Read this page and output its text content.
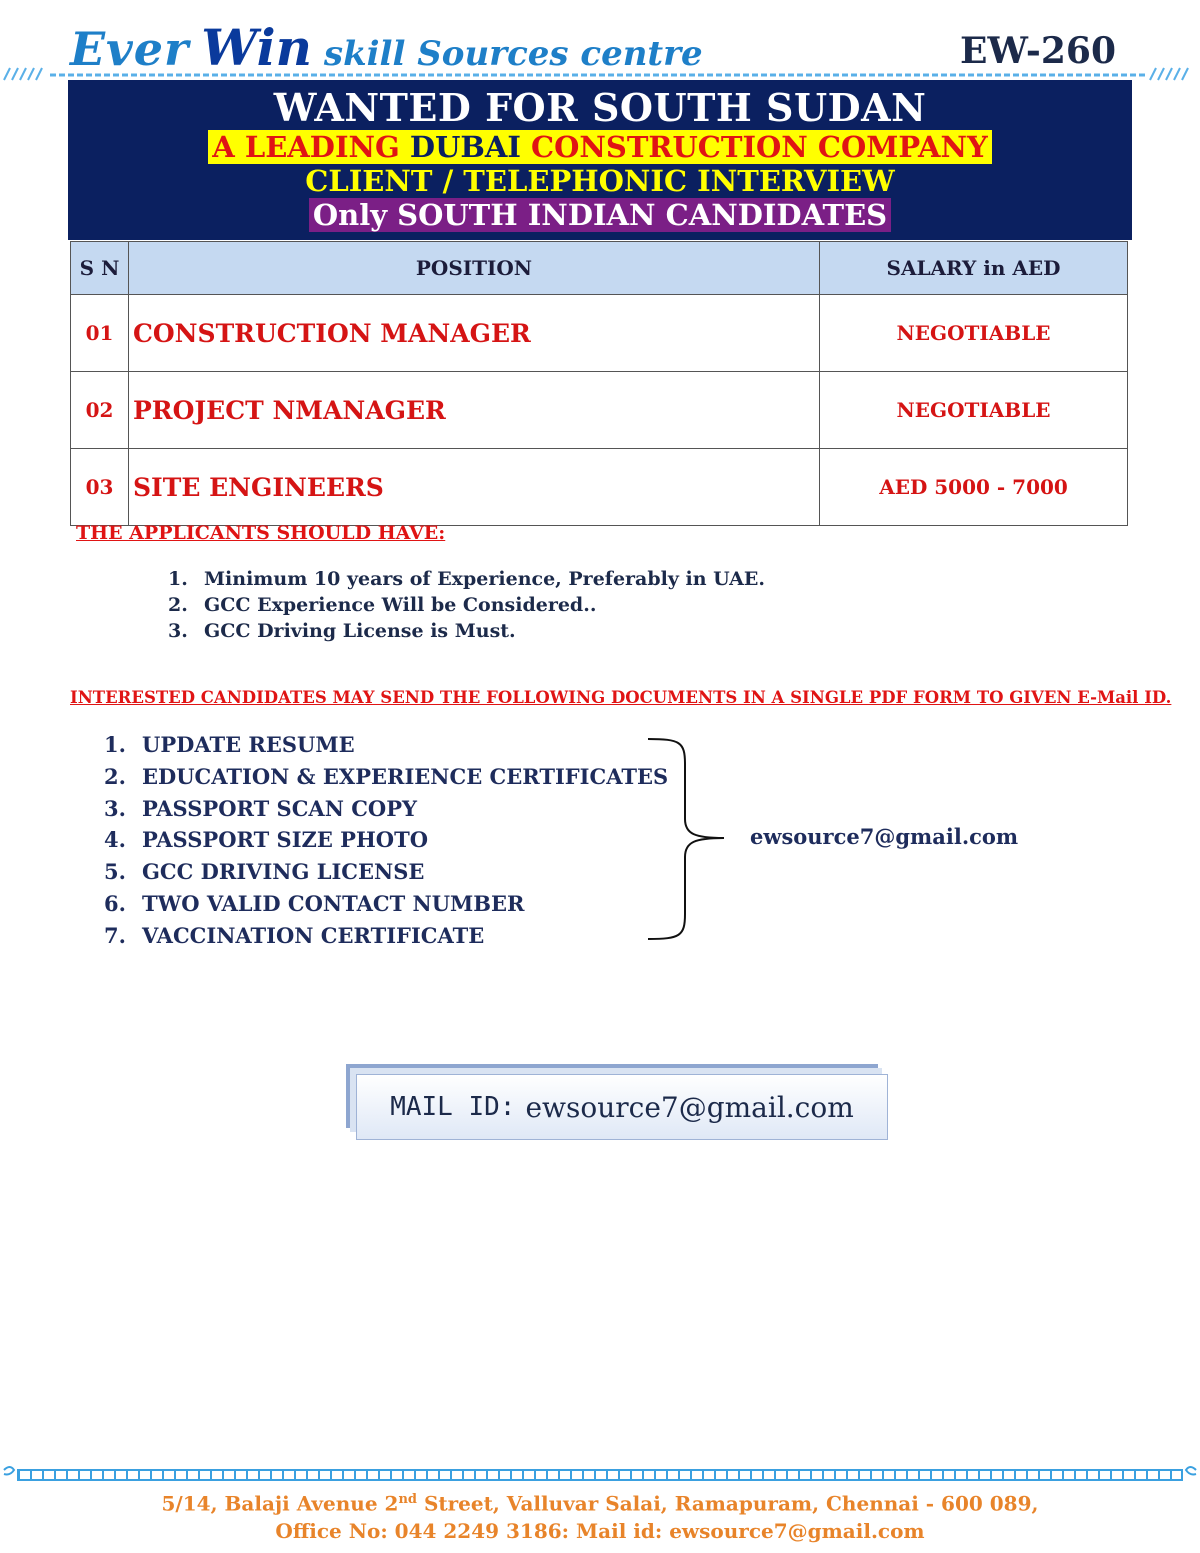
Ever Win skill Sources centre	EW-260
WANTED FOR SOUTH SUDAN
A LEADING DUBAI CONSTRUCTION COMPANY
CLIENT / TELEPHONIC INTERVIEW
Only SOUTH INDIAN CANDIDATES
S N	POSITION	SALARY in AED
01	CONSTRUCTION MANAGER	NEGOTIABLE
02	PROJECT NMANAGER	NEGOTIABLE
03	SITE ENGINEERS	AED 5000 - 7000
THE APPLICANTS SHOULD HAVE:
1. Minimum 10 years of Experience, Preferably in UAE.
2. GCC Experience Will be Considered..
3. GCC Driving License is Must.
INTERESTED CANDIDATES MAY SEND THE FOLLOWING DOCUMENTS IN A SINGLE PDF FORM TO GIVEN E-Mail ID.
1. UPDATE RESUME
2. EDUCATION & EXPERIENCE CERTIFICATES
3. PASSPORT SCAN COPY
4. PASSPORT SIZE PHOTO
5. GCC DRIVING LICENSE
6. TWO VALID CONTACT NUMBER
7. VACCINATION CERTIFICATE
ewsource7@gmail.com
MAIL ID: ewsource7@gmail.com
5/14, Balaji Avenue 2nd Street, Valluvar Salai, Ramapuram, Chennai - 600 089,
Office No: 044 2249 3186: Mail id: ewsource7@gmail.com
